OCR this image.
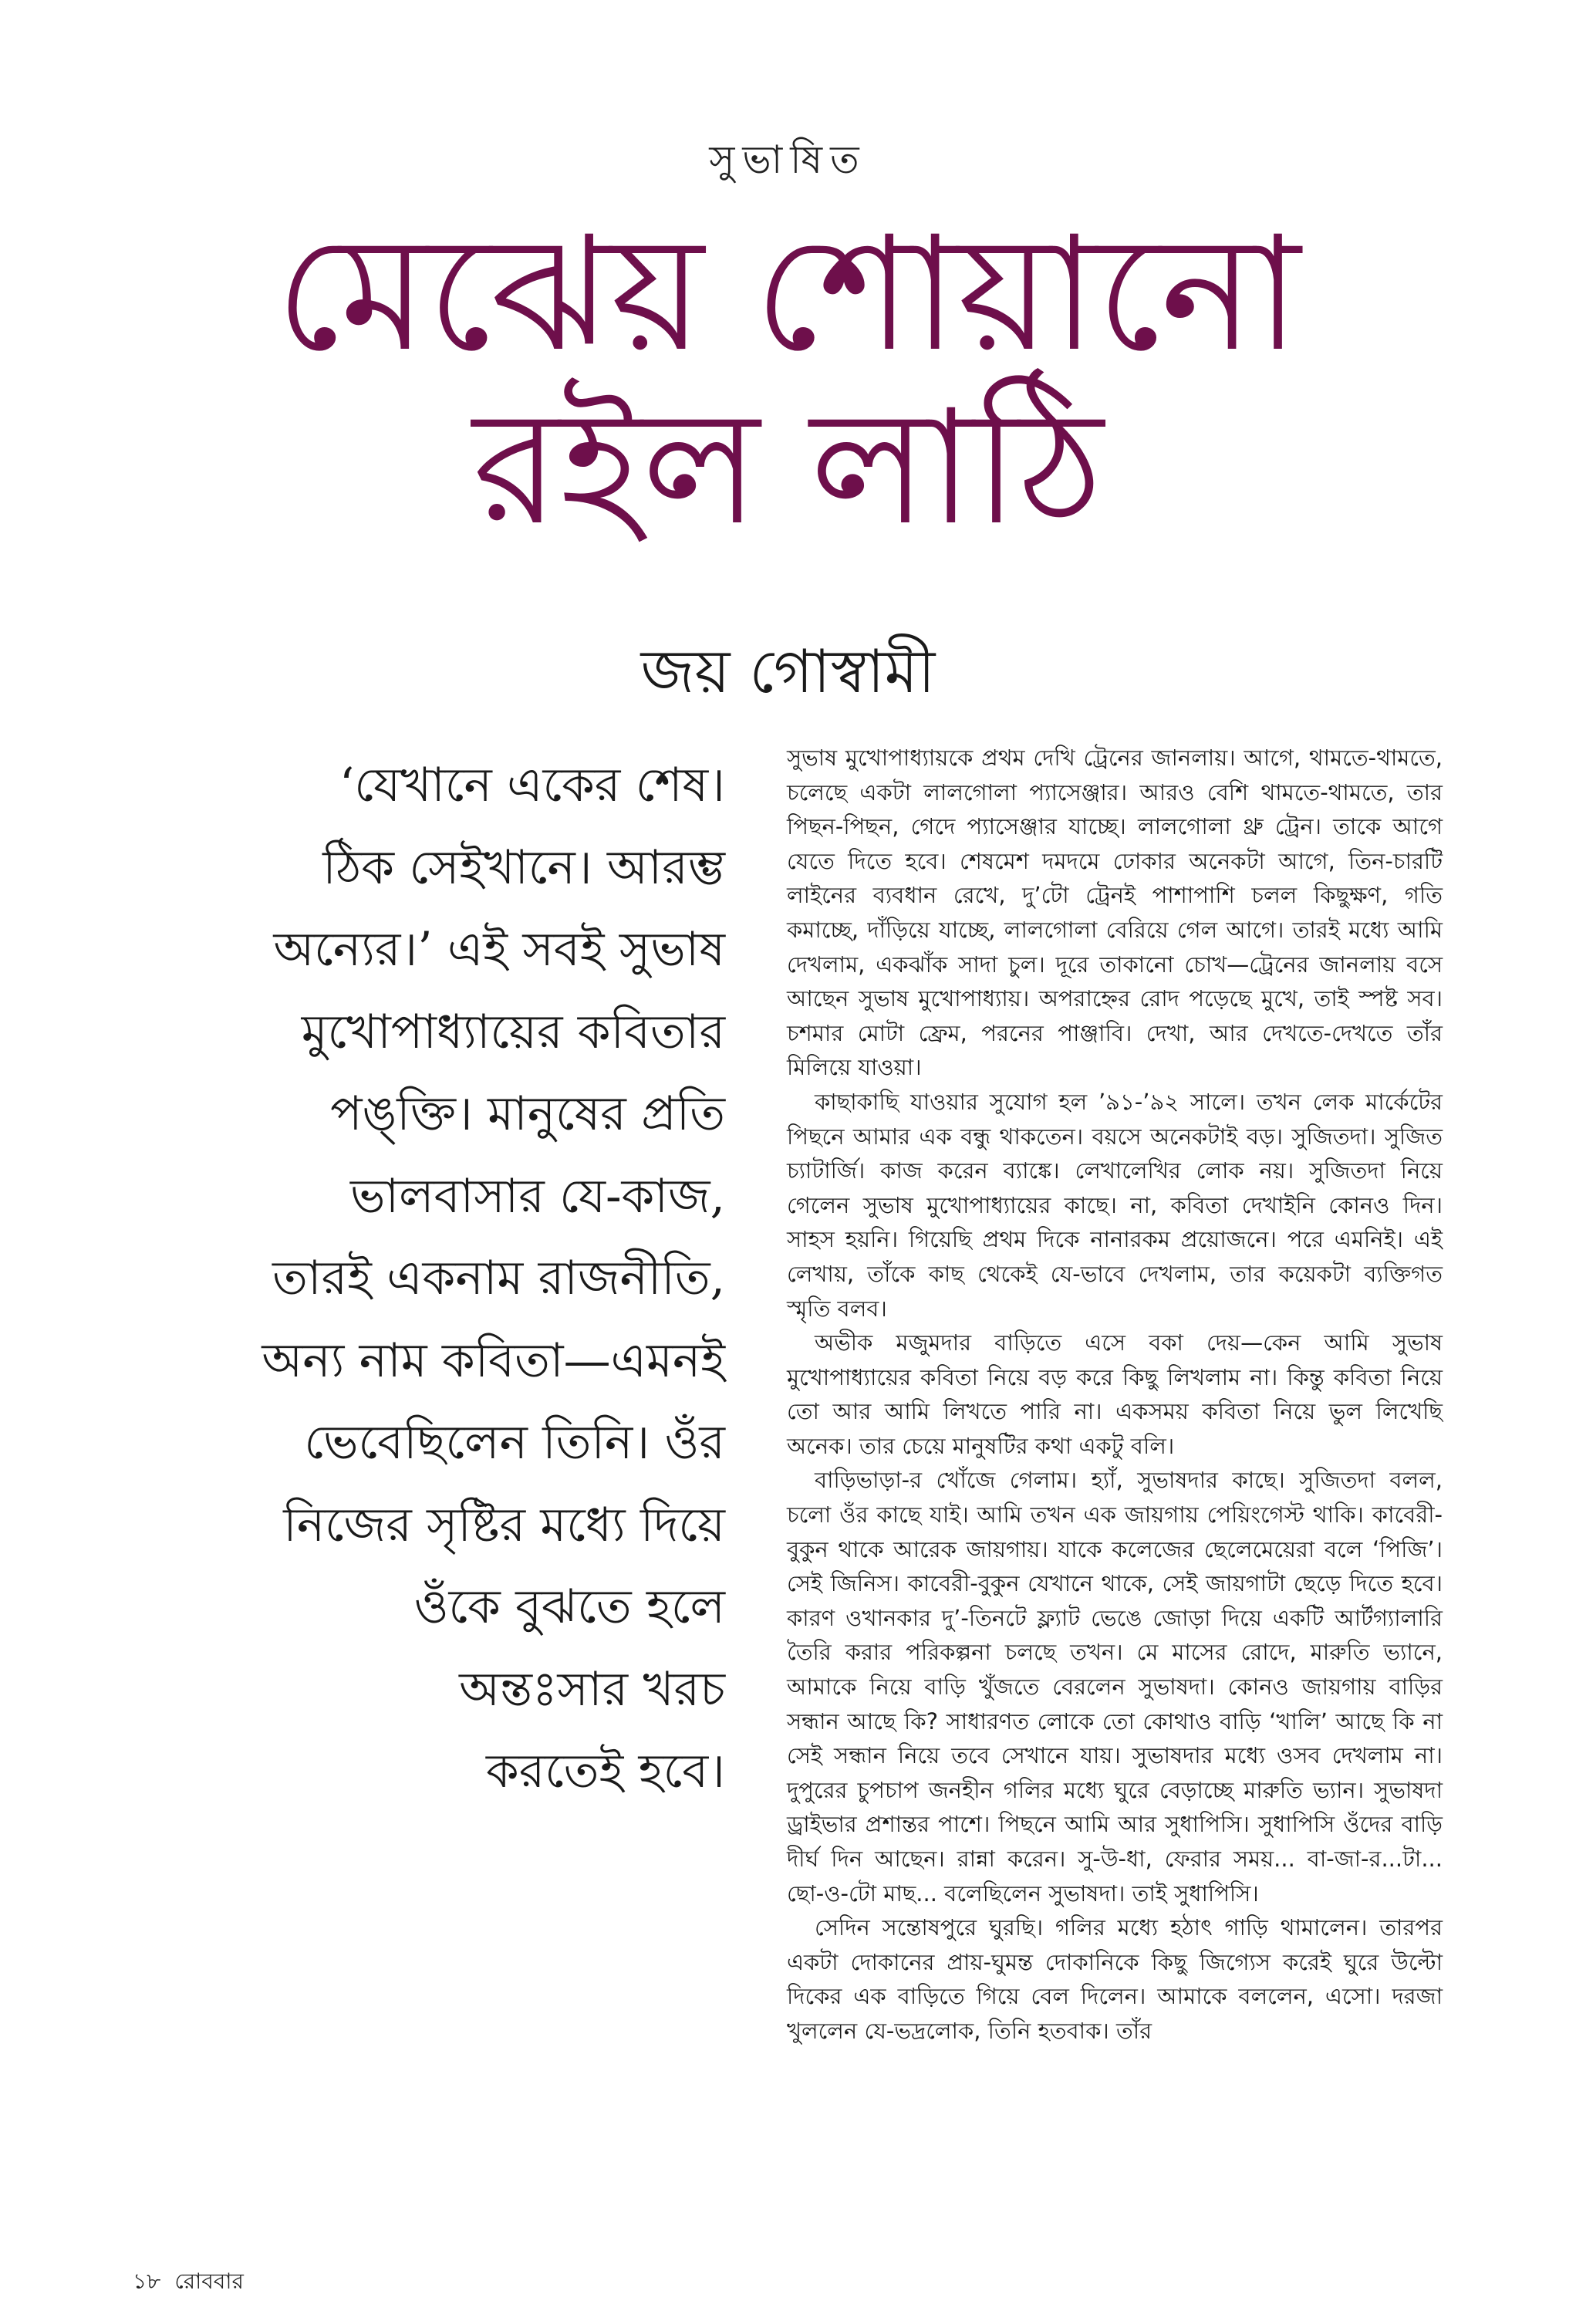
সুভাষিত
মেঝেয় শোয়ানো
রইল লাঠি
জয় গোস্বামী
‘যেখানে একের শেষ।
ঠিক সেইখানে। আরম্ভ
অন্যের।’ এই সবই সুভাষ
মুখোপাধ্যায়ের কবিতার
পঙ্‌ক্তি। মানুষের প্রতি
ভালবাসার যে-কাজ,
তারই একনাম রাজনীতি,
অন্য নাম কবিতা—এমনই
ভেবেছিলেন তিনি। ওঁর
নিজের সৃষ্টির মধ্যে দিয়ে
ওঁকে বুঝতে হলে
অন্তঃসার খরচ
করতেই হবে।

সুভাষ মুখোপাধ্যায়কে প্রথম দেখি ট্রেনের জানলায়। আগে, থামতে-থামতে, চলেছে একটা লালগোলা প্যাসেঞ্জার। আরও বেশি থামতে-থামতে, তার পিছন-পিছন, গেদে প্যাসেঞ্জার যাচ্ছে। লালগোলা থ্রু ট্রেন। তাকে আগে যেতে দিতে হবে। শেষমেশ দমদমে ঢোকার অনেকটা আগে, তিন-চারটি লাইনের ব্যবধান রেখে, দু’টো ট্রেনই পাশাপাশি চলল কিছুক্ষণ, গতি কমাচ্ছে, দাঁড়িয়ে যাচ্ছে, লালগোলা বেরিয়ে গেল আগে। তারই মধ্যে আমি দেখলাম, একঝাঁক সাদা চুল। দূরে তাকানো চোখ—ট্রেনের জানলায় বসে আছেন সুভাষ মুখোপাধ্যায়। অপরাহ্নের রোদ পড়েছে মুখে, তাই স্পষ্ট সব। চশমার মোটা ফ্রেম, পরনের পাঞ্জাবি। দেখা, আর দেখতে-দেখতে তাঁর মিলিয়ে যাওয়া।

কাছাকাছি যাওয়ার সুযোগ হল ’৯১-’৯২ সালে। তখন লেক মার্কেটের পিছনে আমার এক বন্ধু থাকতেন। বয়সে অনেকটাই বড়। সুজিতদা। সুজিত চ্যাটার্জি। কাজ করেন ব্যাঙ্কে। লেখালেখির লোক নয়। সুজিতদা নিয়ে গেলেন সুভাষ মুখোপাধ্যায়ের কাছে। না, কবিতা দেখাইনি কোনও দিন। সাহস হয়নি। গিয়েছি প্রথম দিকে নানারকম প্রয়োজনে। পরে এমনিই। এই লেখায়, তাঁকে কাছ থেকেই যে-ভাবে দেখলাম, তার কয়েকটা ব্যক্তিগত স্মৃতি বলব।

অভীক মজুমদার বাড়িতে এসে বকা দেয়—কেন আমি সুভাষ মুখোপাধ্যায়ের কবিতা নিয়ে বড় করে কিছু লিখলাম না। কিন্তু কবিতা নিয়ে তো আর আমি লিখতে পারি না। একসময় কবিতা নিয়ে ভুল লিখেছি অনেক। তার চেয়ে মানুষটির কথা একটু বলি।

বাড়িভাড়া-র খোঁজে গেলাম। হ্যাঁ, সুভাষদার কাছে। সুজিতদা বলল, চলো ওঁর কাছে যাই। আমি তখন এক জায়গায় পেয়িংগেস্ট থাকি। কাবেরী-বুকুন থাকে আরেক জায়গায়। যাকে কলেজের ছেলেমেয়েরা বলে ‘পিজি’। সেই জিনিস। কাবেরী-বুকুন যেখানে থাকে, সেই জায়গাটা ছেড়ে দিতে হবে। কারণ ওখানকার দু’-তিনটে ফ্ল্যাট ভেঙে জোড়া দিয়ে একটি আর্টগ্যালারি তৈরি করার পরিকল্পনা চলছে তখন। মে মাসের রোদে, মারুতি ভ্যানে, আমাকে নিয়ে বাড়ি খুঁজতে বেরলেন সুভাষদা। কোনও জায়গায় বাড়ির সন্ধান আছে কি? সাধারণত লোকে তো কোথাও বাড়ি ‘খালি’ আছে কি না সেই সন্ধান নিয়ে তবে সেখানে যায়। সুভাষদার মধ্যে ওসব দেখলাম না। দুপুরের চুপচাপ জনহীন গলির মধ্যে ঘুরে বেড়াচ্ছে মারুতি ভ্যান। সুভাষদা ড্রাইভার প্রশান্তর পাশে। পিছনে আমি আর সুধাপিসি। সুধাপিসি ওঁদের বাড়ি দীর্ঘ দিন আছেন। রান্না করেন। সু-উ-ধা, ফেরার সময়... বা-জা-র...টা... ছো-ও-টো মাছ... বলেছিলেন সুভাষদা। তাই সুধাপিসি।

সেদিন সন্তোষপুরে ঘুরছি। গলির মধ্যে হঠাৎ গাড়ি থামালেন। তারপর একটা দোকানের প্রায়-ঘুমন্ত দোকানিকে কিছু জিগ্যেস করেই ঘুরে উল্টো দিকের এক বাড়িতে গিয়ে বেল দিলেন। আমাকে বললেন, এসো। দরজা খুললেন যে-ভদ্রলোক, তিনি হতবাক। তাঁর

১৮ রোববার
